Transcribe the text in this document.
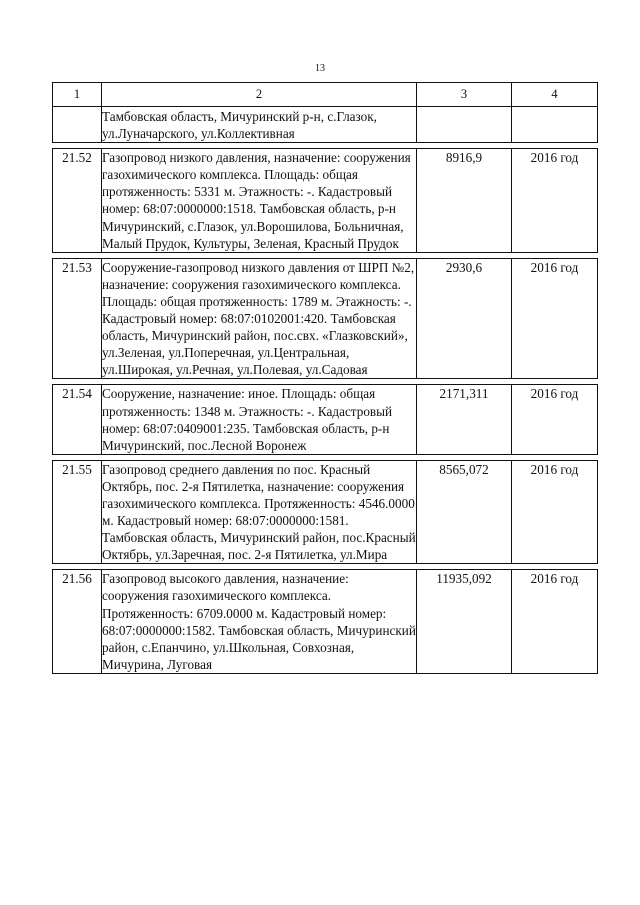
13
1	2	3	4
	Тамбовская область, Мичуринский р-н, с.Глазок, ул.Луначарского, ул.Коллективная		

21.52	Газопровод низкого давления, назначение: сооружения газохимического комплекса. Площадь: общая протяженность: 5331 м. Этажность: -. Кадастровый номер: 68:07:0000000:1518. Тамбовская область, р-н Мичуринский, с.Глазок, ул.Ворошилова, Больничная, Малый Прудок, Культуры, Зеленая, Красный Прудок	8916,9	2016 год

21.53	Сооружение-газопровод низкого давления от ШРП №2, назначение: сооружения газохимического комплекса. Площадь: общая протяженность: 1789 м. Этажность: -. Кадастровый номер: 68:07:0102001:420. Тамбовская область, Мичуринский район, пос.свх. «Глазковский», ул.Зеленая, ул.Поперечная, ул.Центральная, ул.Широкая, ул.Речная, ул.Полевая, ул.Садовая	2930,6	2016 год

21.54	Сооружение, назначение: иное. Площадь: общая протяженность: 1348 м. Этажность: -. Кадастровый номер: 68:07:0409001:235. Тамбовская область, р-н Мичуринский, пос.Лесной Воронеж	2171,311	2016 год

21.55	Газопровод среднего давления по пос. Красный Октябрь, пос. 2-я Пятилетка, назначение: сооружения газохимического комплекса. Протяженность: 4546.0000 м. Кадастровый номер: 68:07:0000000:1581. Тамбовская область, Мичуринский район, пос.Красный Октябрь, ул.Заречная, пос. 2-я Пятилетка, ул.Мира	8565,072	2016 год

21.56	Газопровод высокого давления, назначение: сооружения газохимического комплекса. Протяженность: 6709.0000 м. Кадастровый номер: 68:07:0000000:1582. Тамбовская область, Мичуринский район, с.Епанчино, ул.Школьная, Совхозная, Мичурина, Луговая	11935,092	2016 год
